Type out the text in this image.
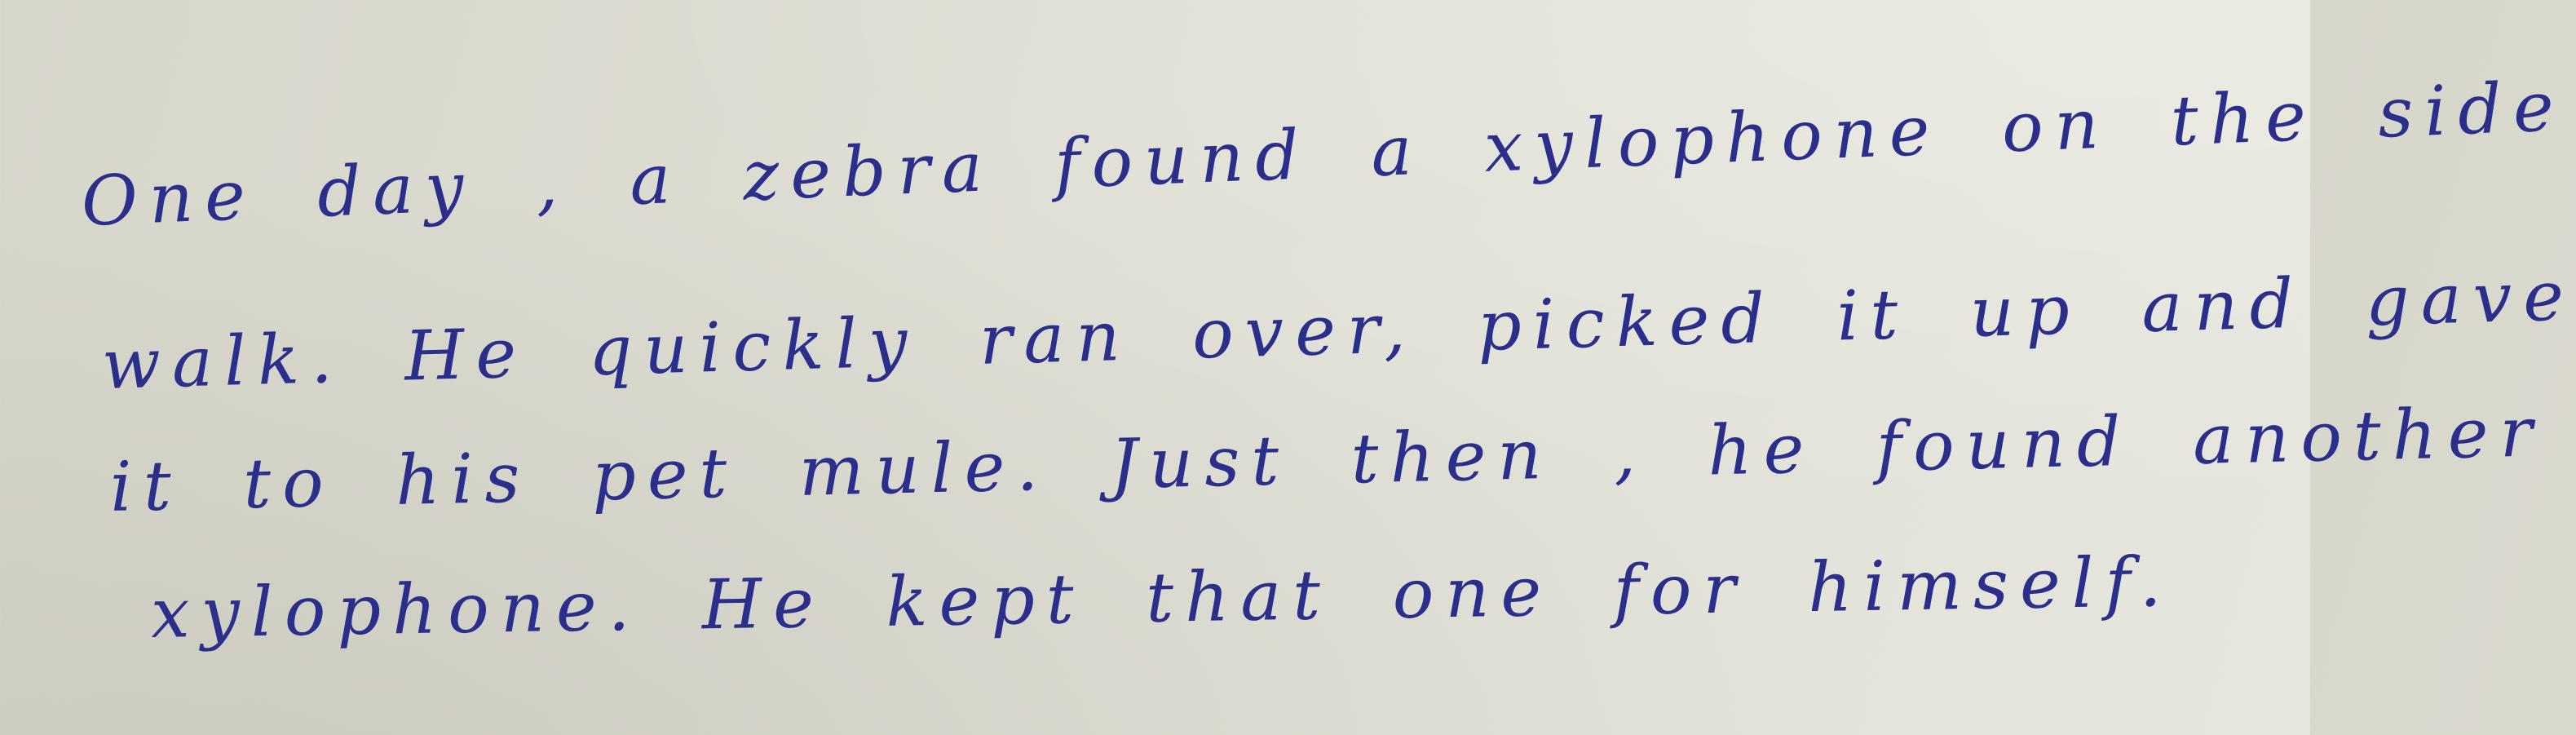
One day , a zebra found a xylophone on the side

walk. He quickly ran over, picked it up and gave

it to his pet mule. Just then , he found another

xylophone. He kept that one for himself.
